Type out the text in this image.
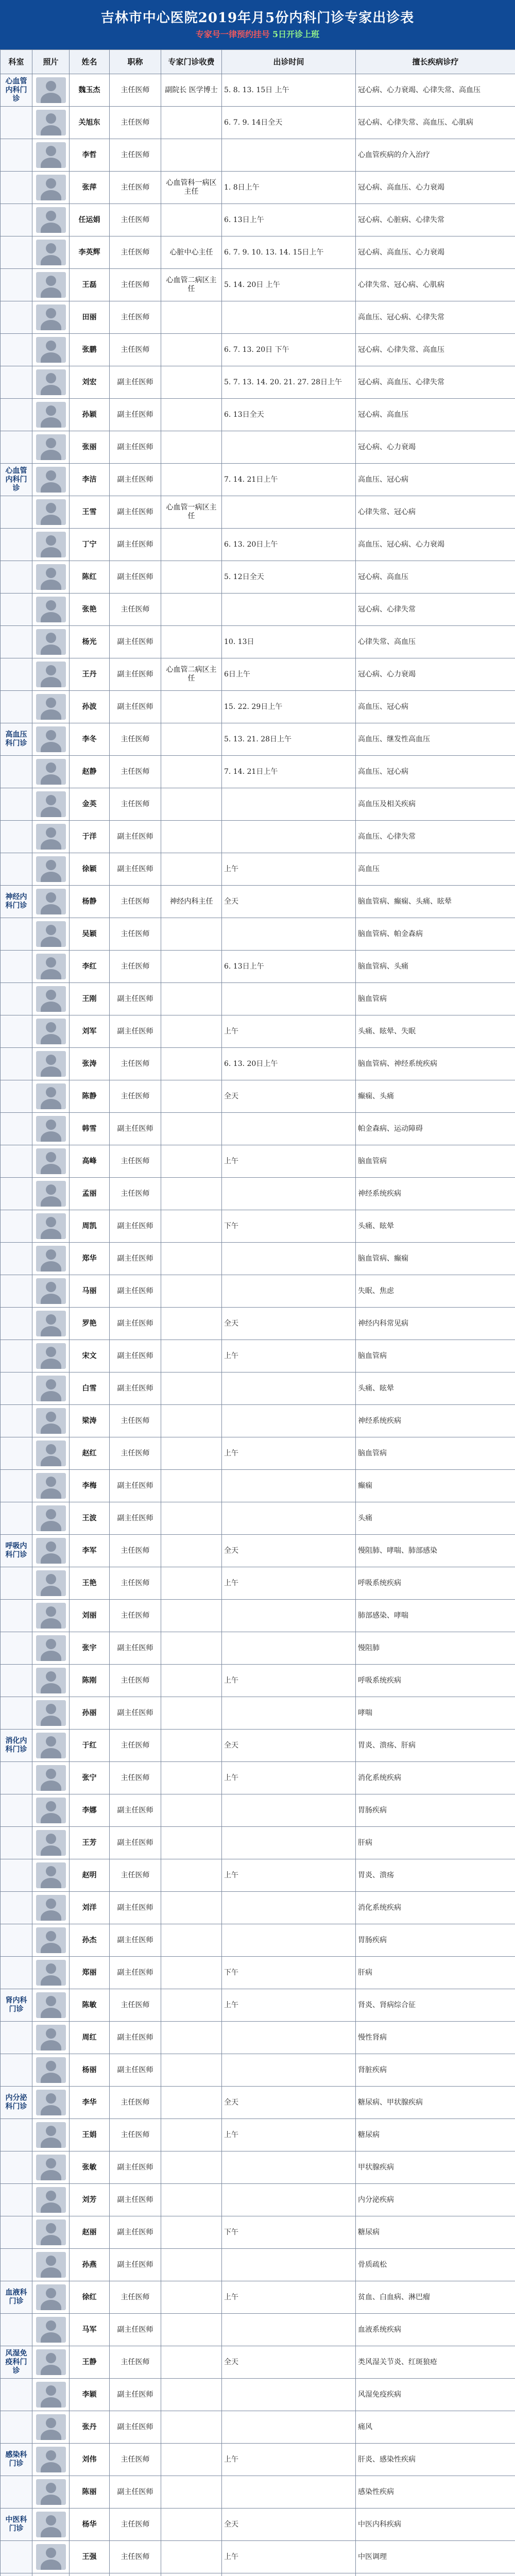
吉林市中心医院2019年月5份内科门诊专家出诊表
专家号一律预约挂号 5日开诊上班
科室	照片	姓名	职称	专家门诊收费	出诊时间	擅长疾病诊疗
心血管内科门诊		魏玉杰	主任医师	副院长 医学博士	5. 8. 13. 15日 上午	冠心病、心力衰竭、心律失常、高血压

	关旭东	主任医师		6. 7. 9. 14日全天	冠心病、心律失常、高血压、心肌病

	李哲	主任医师			心血管疾病的介入治疗

	张萍	主任医师	心血管科一病区主任	1. 8日上午	冠心病、高血压、心力衰竭

	任运娟	主任医师		6. 13日上午	冠心病、心脏病、心律失常

	李英辉	主任医师	心脏中心主任	6. 7. 9. 10. 13. 14. 15日上午	冠心病、高血压、心力衰竭

	王磊	主任医师	心血管二病区主任	5. 14. 20日 上午	心律失常、冠心病、心肌病

	田丽	主任医师			高血压、冠心病、心律失常

	张鹏	主任医师		6. 7. 13. 20日 下午	冠心病、心律失常、高血压

	刘宏	副主任医师		5. 7. 13. 14. 20. 21. 27. 28日上午	冠心病、高血压、心律失常

	孙颖	副主任医师		6. 13日全天	冠心病、高血压

	张丽	副主任医师			冠心病、心力衰竭
心血管内科门诊		李洁	副主任医师		7. 14. 21日上午	高血压、冠心病

	王雪	副主任医师	心血管一病区主任		心律失常、冠心病

	丁宁	副主任医师		6. 13. 20日上午	高血压、冠心病、心力衰竭

	陈红	副主任医师		5. 12日全天	冠心病、高血压

	张艳	主任医师			冠心病、心律失常

	杨光	副主任医师		10. 13日	心律失常、高血压

	王丹	副主任医师	心血管二病区主任	6日上午	冠心病、心力衰竭

	孙波	副主任医师		15. 22. 29日上午	高血压、冠心病
高血压科门诊		李冬	主任医师		5. 13. 21. 28日上午	高血压、继发性高血压

	赵静	主任医师		7. 14. 21日上午	高血压、冠心病

	金英	主任医师			高血压及相关疾病

	于洋	副主任医师			高血压、心律失常

	徐颖	副主任医师		上午	高血压
神经内科门诊		杨静	主任医师	神经内科主任	全天	脑血管病、癫痫、头痛、眩晕

	吴颖	主任医师			脑血管病、帕金森病

	李红	主任医师		6. 13日上午	脑血管病、头痛

	王刚	副主任医师			脑血管病

	刘军	副主任医师		上午	头痛、眩晕、失眠

	张涛	主任医师		6. 13. 20日上午	脑血管病、神经系统疾病

	陈静	主任医师		全天	癫痫、头痛

	韩雪	副主任医师			帕金森病、运动障碍

	高峰	主任医师		上午	脑血管病

	孟丽	主任医师			神经系统疾病

	周凯	副主任医师		下午	头痛、眩晕

	郑华	副主任医师			脑血管病、癫痫

	马丽	副主任医师			失眠、焦虑

	罗艳	副主任医师		全天	神经内科常见病

	宋文	副主任医师		上午	脑血管病

	白雪	副主任医师			头痛、眩晕

	梁涛	主任医师			神经系统疾病

	赵红	主任医师		上午	脑血管病

	李梅	副主任医师			癫痫

	王波	副主任医师			头痛
呼吸内科门诊		李军	主任医师		全天	慢阻肺、哮喘、肺部感染

	王艳	主任医师		上午	呼吸系统疾病

	刘丽	主任医师			肺部感染、哮喘

	张宇	副主任医师			慢阻肺

	陈刚	主任医师		上午	呼吸系统疾病

	孙丽	副主任医师			哮喘
消化内科门诊		于红	主任医师		全天	胃炎、溃疡、肝病

	张宁	主任医师		上午	消化系统疾病

	李娜	副主任医师			胃肠疾病

	王芳	副主任医师			肝病

	赵明	主任医师		上午	胃炎、溃疡

	刘洋	副主任医师			消化系统疾病

	孙杰	副主任医师			胃肠疾病

	郑丽	副主任医师		下午	肝病
肾内科门诊		陈敏	主任医师		上午	肾炎、肾病综合征

	周红	副主任医师			慢性肾病

	杨丽	副主任医师			肾脏疾病
内分泌科门诊		李华	主任医师		全天	糖尿病、甲状腺疾病

	王娟	主任医师		上午	糖尿病

	张敏	副主任医师			甲状腺疾病

	刘芳	副主任医师			内分泌疾病

	赵丽	副主任医师		下午	糖尿病

	孙燕	副主任医师			骨质疏松
血液科门诊		徐红	主任医师		上午	贫血、白血病、淋巴瘤

	马军	副主任医师			血液系统疾病
风湿免疫科门诊		王静	主任医师		全天	类风湿关节炎、红斑狼疮

	李颖	副主任医师			风湿免疫疾病

	张丹	副主任医师			痛风
感染科门诊		刘伟	主任医师		上午	肝炎、感染性疾病

	陈丽	副主任医师			感染性疾病
中医科门诊		杨华	主任医师		全天	中医内科疾病

	王强	主任医师		上午	中医调理
